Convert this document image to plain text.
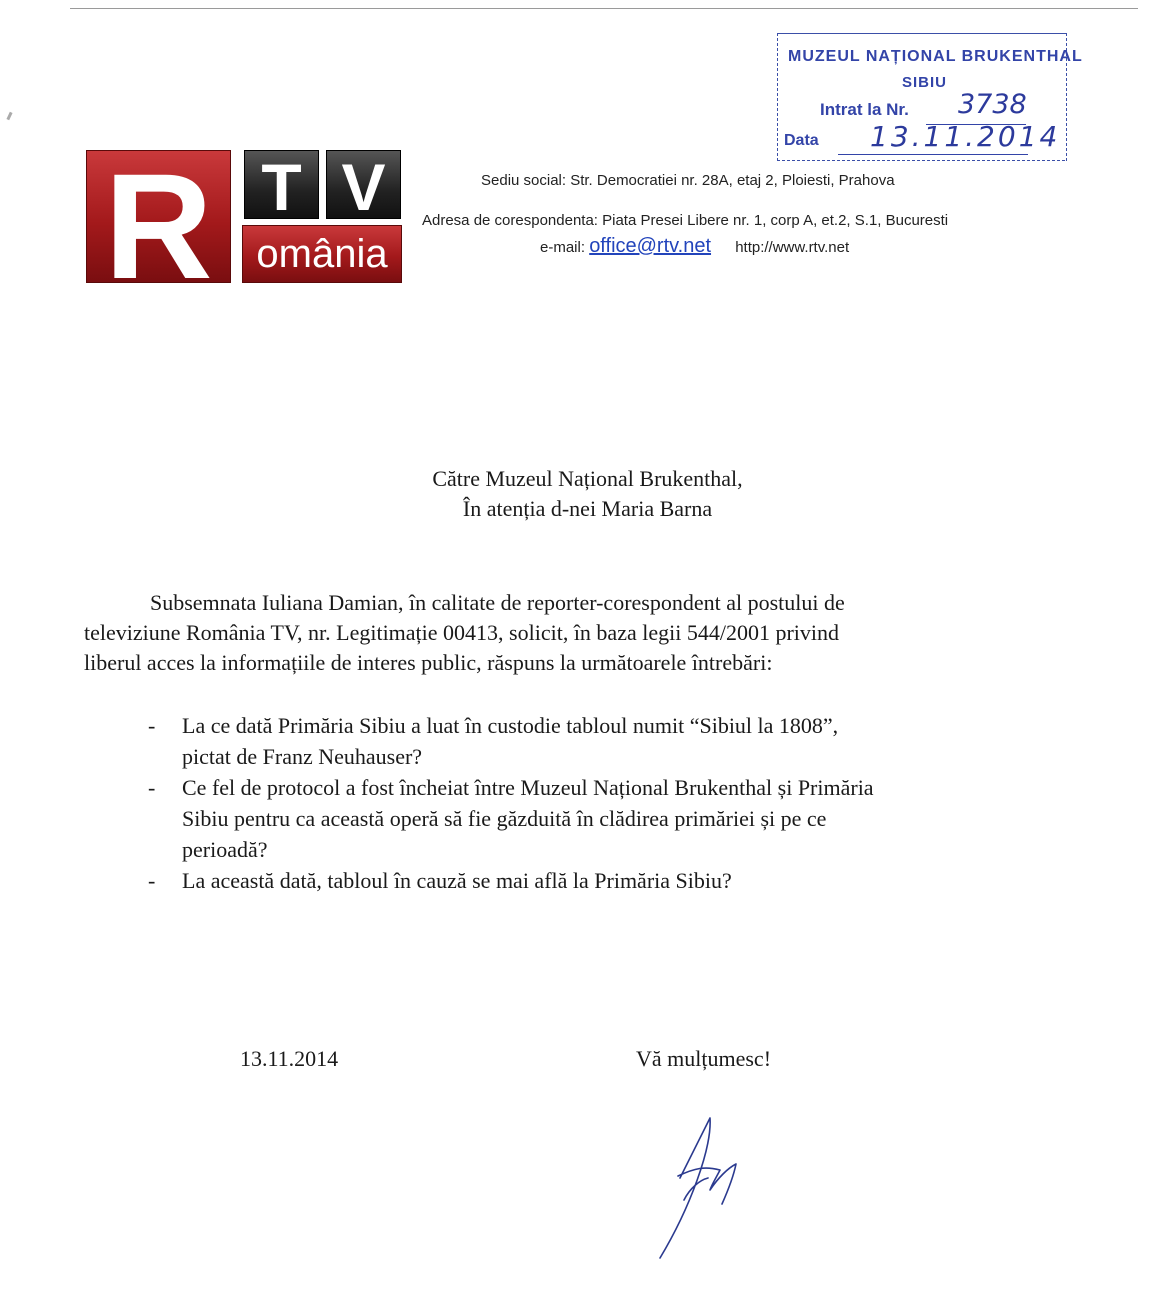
R T V
omânia
MUZEUL NAȚIONAL BRUKENTHAL
SIBIU
Intrat la Nr. 3738
Data 13.11.2014
Sediu social: Str. Democratiei nr. 28A, etaj 2, Ploiesti, Prahova
Adresa de corespondenta: Piata Presei Libere nr. 1, corp A, et.2, S.1, Bucuresti
e-mail: office@rtv.net http://www.rtv.net
Către Muzeul Național Brukenthal,
În atenția d-nei Maria Barna
Subsemnata Iuliana Damian, în calitate de reporter-corespondent al postului de
televiziune România TV, nr. Legitimație 00413, solicit, în baza legii 544/2001 privind
liberul acces la informațiile de interes public, răspuns la următoarele întrebări:
- La ce dată Primăria Sibiu a luat în custodie tabloul numit “Sibiul la 1808”,
pictat de Franz Neuhauser?
- Ce fel de protocol a fost încheiat între Muzeul Național Brukenthal și Primăria
Sibiu pentru ca această operă să fie găzduită în clădirea primăriei și pe ce
perioadă?
- La această dată, tabloul în cauză se mai află la Primăria Sibiu?
13.11.2014	Vă mulțumesc!
